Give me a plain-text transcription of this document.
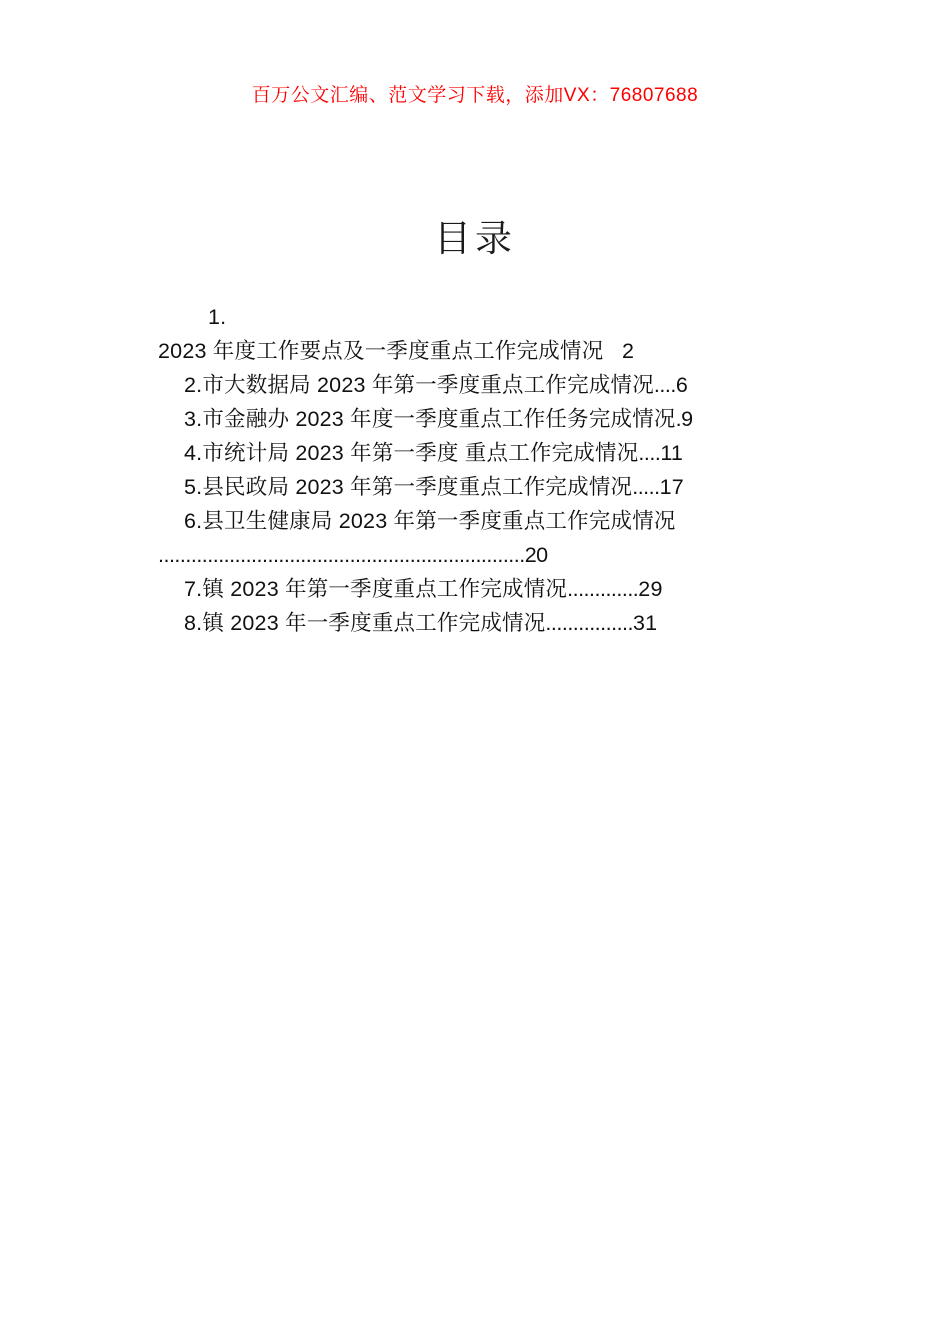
百万公文汇编、范文学习下载，添加VX：76807688
目录
1.
2023 年度工作要点及一季度重点工作完成情况 2
2.市大数据局 2023 年第一季度重点工作完成情况....6
3.市金融办 2023 年度一季度重点工作任务完成情况.9
4.市统计局 2023 年第一季度 重点工作完成情况....11
5.县民政局 2023 年第一季度重点工作完成情况.....17
6.县卫生健康局 2023 年第一季度重点工作完成情况
...................................................................20
7.镇 2023 年第一季度重点工作完成情况.............29
8.镇 2023 年一季度重点工作完成情况................31
